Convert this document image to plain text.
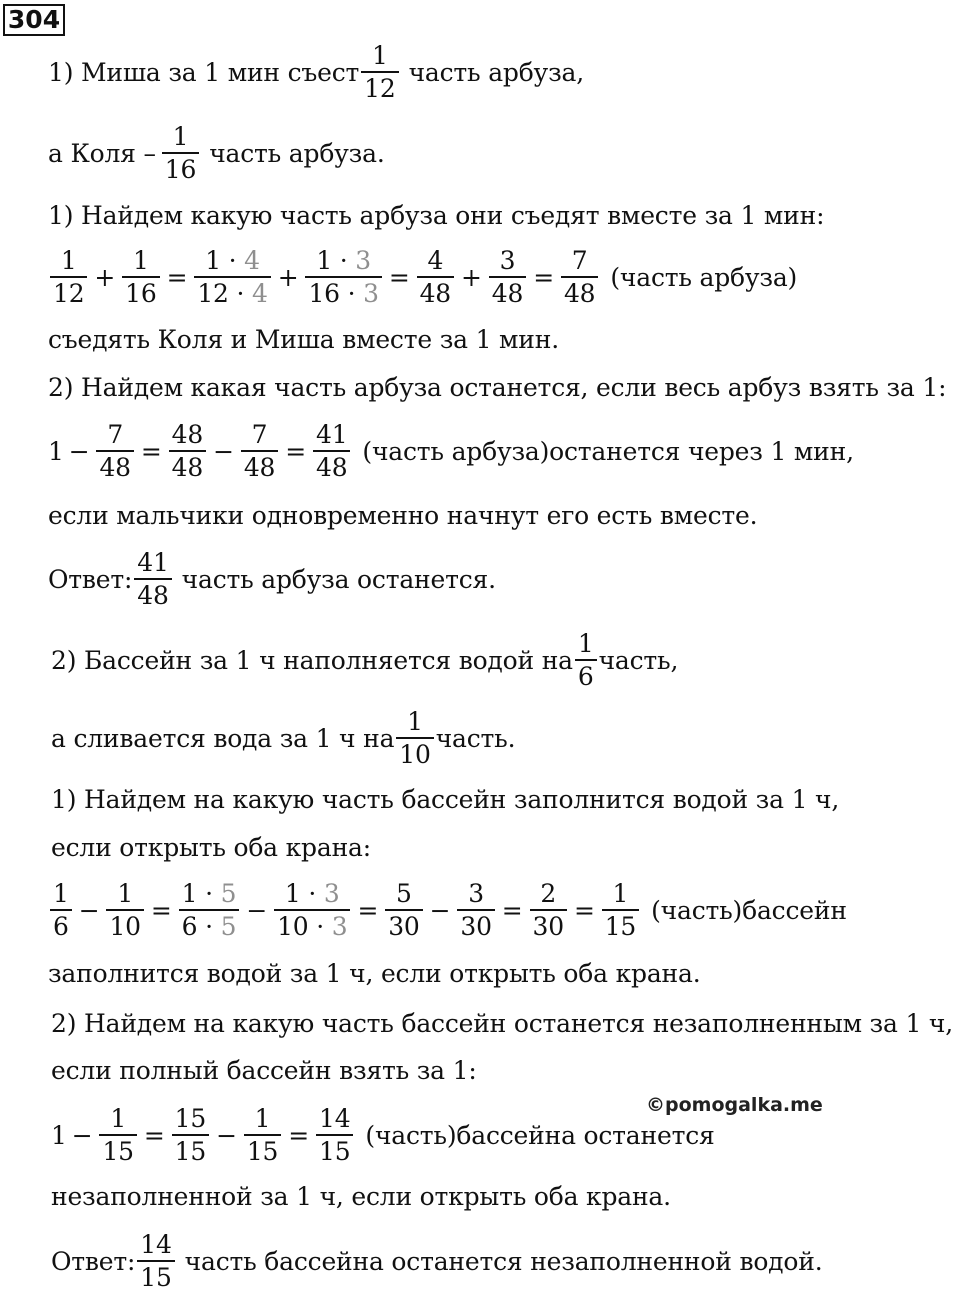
304
1) Миша за 1 мин съест $\frac{1}{12}$ часть арбуза,
а Коля – $\frac{1}{16}$ часть арбуза.
1) Найдем какую часть арбуза они съедят вместе за 1 мин:
$\frac{1}{12} + \frac{1}{16} = \frac{1 \cdot 4}{12 \cdot 4} + \frac{1 \cdot 3}{16 \cdot 3} = \frac{4}{48} + \frac{3}{48} = \frac{7}{48}$ (часть арбуза)
съедять Коля и Миша вместе за 1 мин.
2) Найдем какая часть арбуза останется, если весь арбуз взять за 1:
$1 - \frac{7}{48} = \frac{48}{48} - \frac{7}{48} = \frac{41}{48}$ (часть арбуза)останется через 1 мин,
если мальчики одновременно начнут его есть вместе.
Ответ: $\frac{41}{48}$ часть арбуза останется.
2) Бассейн за 1 ч наполняется водой на $\frac{1}{6}$ часть,
а сливается вода за 1 ч на $\frac{1}{10}$ часть.
1) Найдем на какую часть бассейн заполнится водой за 1 ч,
если открыть оба крана:
$\frac{1}{6} - \frac{1}{10} = \frac{1 \cdot 5}{6 \cdot 5} - \frac{1 \cdot 3}{10 \cdot 3} = \frac{5}{30} - \frac{3}{30} = \frac{2}{30} = \frac{1}{15}$ (часть)бассейн
заполнится водой за 1 ч, если открыть оба крана.
2) Найдем на какую часть бассейн останется незаполненным за 1 ч,
если полный бассейн взять за 1:
$1 - \frac{1}{15} = \frac{15}{15} - \frac{1}{15} = \frac{14}{15}$ (часть)бассейна останется
незаполненной за 1 ч, если открыть оба крана.
Ответ: $\frac{14}{15}$ часть бассейна останется незаполненной водой.
©pomogalka.me
